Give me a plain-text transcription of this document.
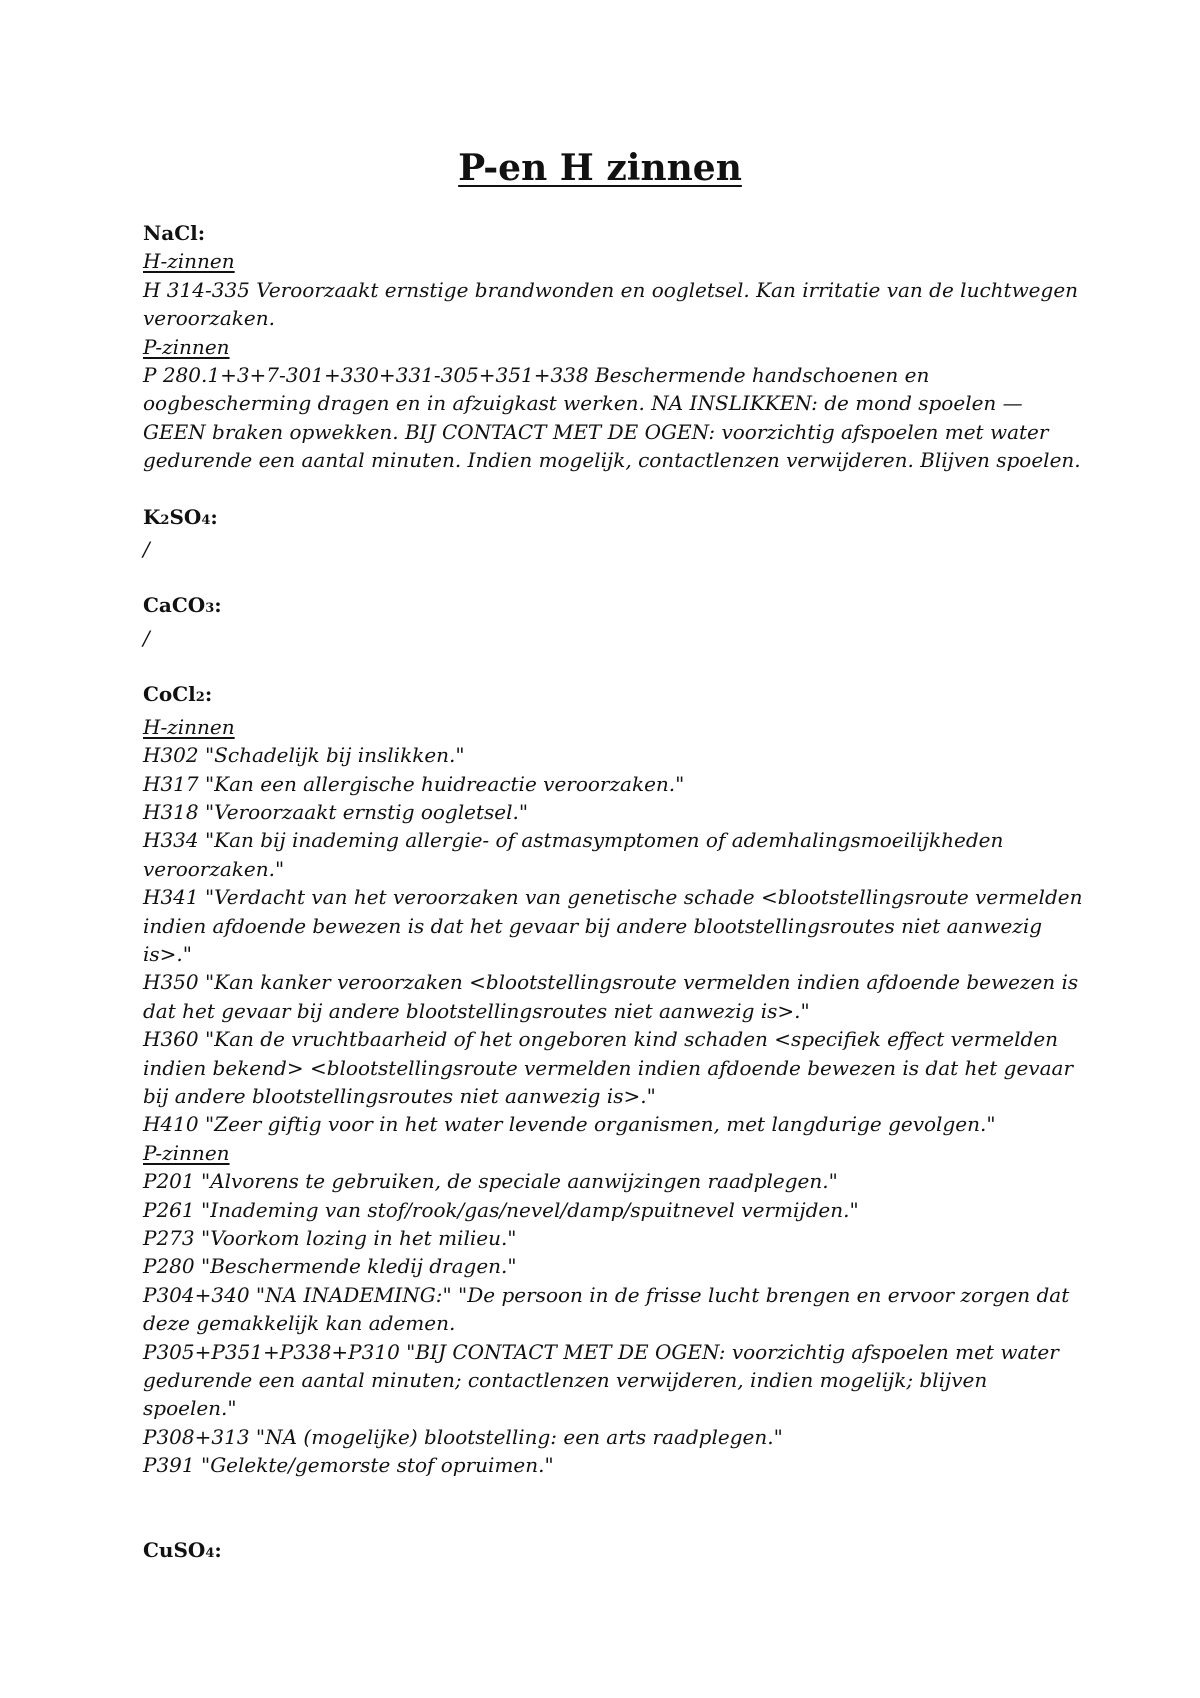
P-en H zinnen
NaCl:
H-zinnen
H 314-335 Veroorzaakt ernstige brandwonden en oogletsel. Kan irritatie van de luchtwegen veroorzaken.
P-zinnen
P 280.1+3+7-301+330+331-305+351+338 Beschermende handschoenen en oogbescherming dragen en in afzuigkast werken. NA INSLIKKEN: de mond spoelen — GEEN braken opwekken. BIJ CONTACT MET DE OGEN: voorzichtig afspoelen met water gedurende een aantal minuten. Indien mogelijk, contactlenzen verwijderen. Blijven spoelen.
K2SO4:
/
CaCO3:
/
CoCl2:
H-zinnen
H302 "Schadelijk bij inslikken."
H317 "Kan een allergische huidreactie veroorzaken."
H318 "Veroorzaakt ernstig oogletsel."
H334 "Kan bij inademing allergie- of astmasymptomen of ademhalingsmoeilijkheden veroorzaken."
H341 "Verdacht van het veroorzaken van genetische schade <blootstellingsroute vermelden indien afdoende bewezen is dat het gevaar bij andere blootstellingsroutes niet aanwezig is>."
H350 "Kan kanker veroorzaken <blootstellingsroute vermelden indien afdoende bewezen is dat het gevaar bij andere blootstellingsroutes niet aanwezig is>."
H360 "Kan de vruchtbaarheid of het ongeboren kind schaden <specifiek effect vermelden indien bekend> <blootstellingsroute vermelden indien afdoende bewezen is dat het gevaar bij andere blootstellingsroutes niet aanwezig is>."
H410 "Zeer giftig voor in het water levende organismen, met langdurige gevolgen."
P-zinnen
P201 "Alvorens te gebruiken, de speciale aanwijzingen raadplegen."
P261 "Inademing van stof/rook/gas/nevel/damp/spuitnevel vermijden."
P273 "Voorkom lozing in het milieu."
P280 "Beschermende kledij dragen."
P304+340 "NA INADEMING:" "De persoon in de frisse lucht brengen en ervoor zorgen dat deze gemakkelijk kan ademen.
P305+P351+P338+P310 "BIJ CONTACT MET DE OGEN: voorzichtig afspoelen met water gedurende een aantal minuten; contactlenzen verwijderen, indien mogelijk; blijven spoelen."
P308+313 "NA (mogelijke) blootstelling: een arts raadplegen."
P391 "Gelekte/gemorste stof opruimen."
CuSO4:
